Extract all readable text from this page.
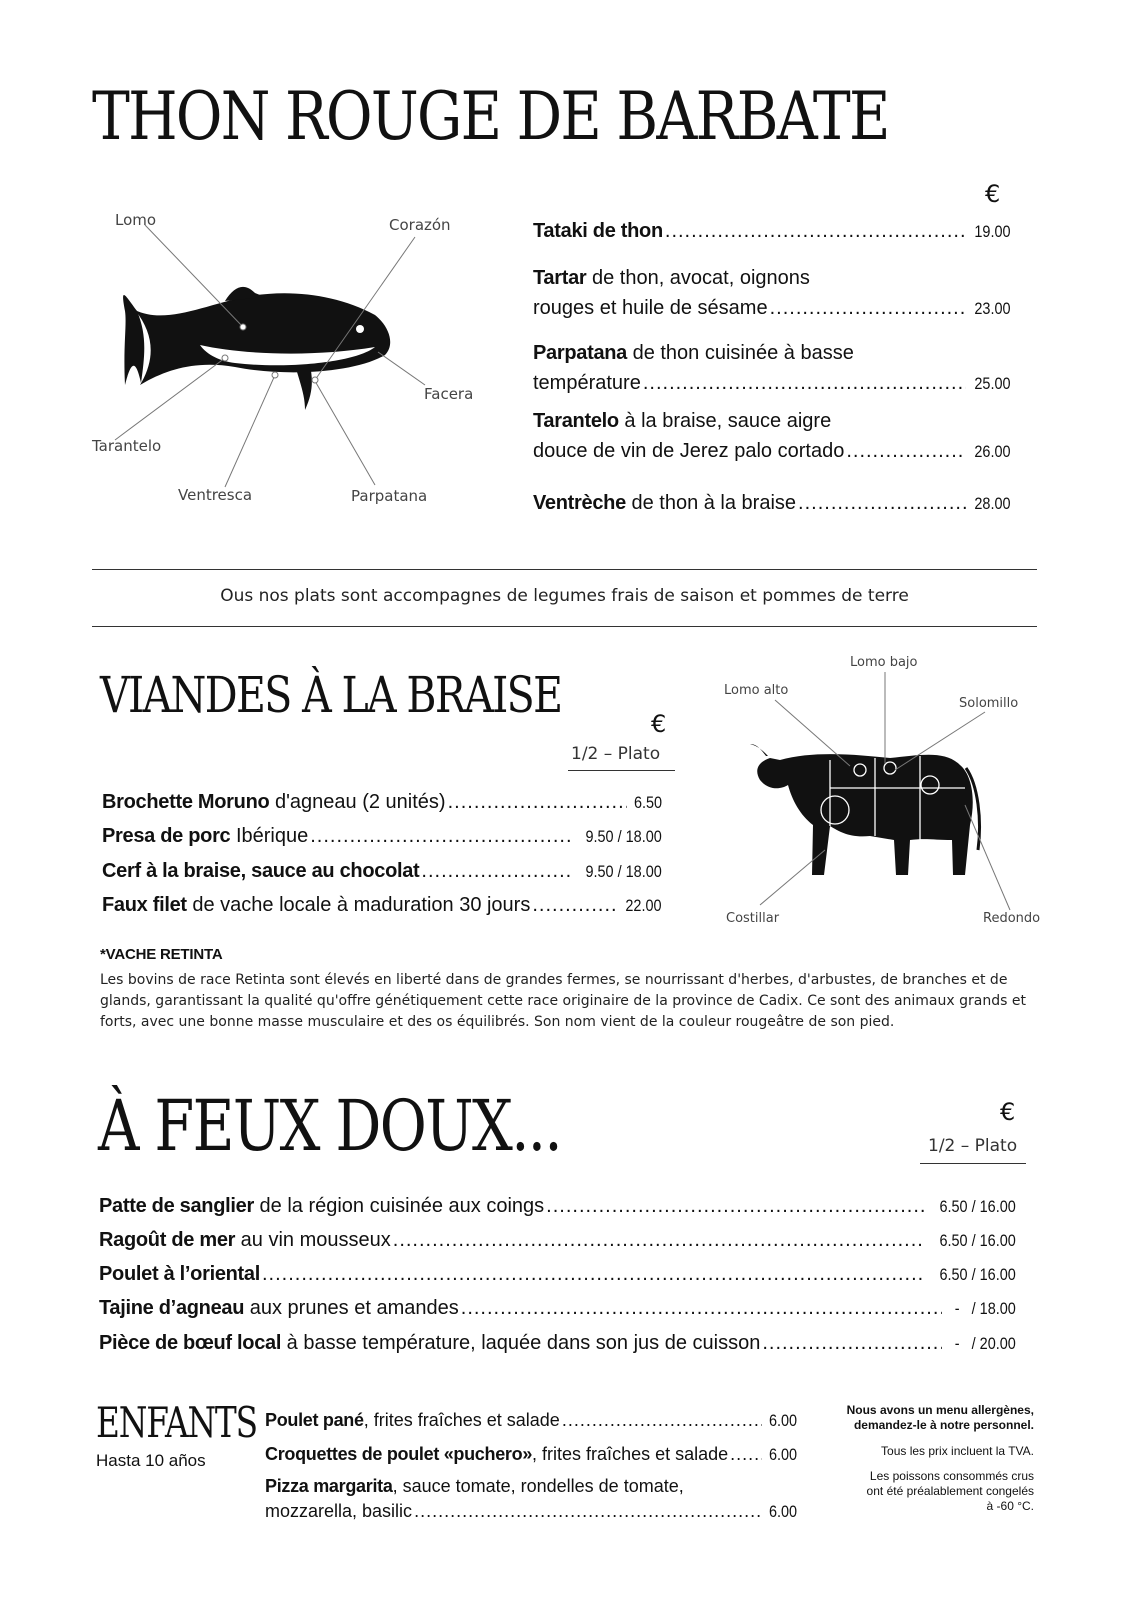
THON ROUGE DE BARBATE
Lomo	Corazón
Facera
Tarantelo
Ventresca	Parpatana
€
Tataki de thon .....	19.00
Tartar de thon, avocat, oignons
rouges et huile de sésame .....	23.00
Parpatana de thon cuisinée à basse
température .....	25.00
Tarantelo à la braise, sauce aigre
douce de vin de Jerez palo cortado .....	26.00
Ventrèche de thon à la braise .....	28.00
Ous nos plats sont accompagnes de legumes frais de saison et pommes de terre
VIANDES À LA BRAISE	€
1/2 – Plato
Brochette Moruno d'agneau (2 unités) .....	6.50
Presa de porc Ibérique .....	9.50 / 18.00
Cerf à la braise, sauce au chocolat .....	9.50 / 18.00
Faux filet de vache locale à maduration 30 jours .....	22.00
Lomo bajo
Lomo alto
Solomillo
Costillar	Redondo
*VACHE RETINTA
Les bovins de race Retinta sont élevés en liberté dans de grandes fermes, se nourrissant d'herbes, d'arbustes, de branches et de glands, garantissant la qualité qu'offre génétiquement cette race originaire de la province de Cadix. Ce sont des animaux grands et forts, avec une bonne masse musculaire et des os équilibrés. Son nom vient de la couleur rougeâtre de son pied.
À FEUX DOUX...	€
1/2 – Plato
Patte de sanglier de la région cuisinée aux coings .....	6.50 / 16.00
Ragoût de mer au vin mousseux .....	6.50 / 16.00
Poulet à l’oriental .....	6.50 / 16.00
Tajine d’agneau aux prunes et amandes .....	-   / 18.00
Pièce de bœuf local à basse température, laquée dans son jus de cuisson .....	-   / 20.00
ENFANTS
Hasta 10 años
Poulet pané, frites fraîches et salade .....	6.00
Croquettes de poulet «puchero», frites fraîches et salade ..... 6.00
Pizza margarita, sauce tomate, rondelles de tomate,
mozzarella, basilic .....	6.00
Nous avons un menu allergènes, demandez-le à notre personnel.
Tous les prix incluent la TVA.
Les poissons consommés crus ont été préalablement congelés à -60 °C.
